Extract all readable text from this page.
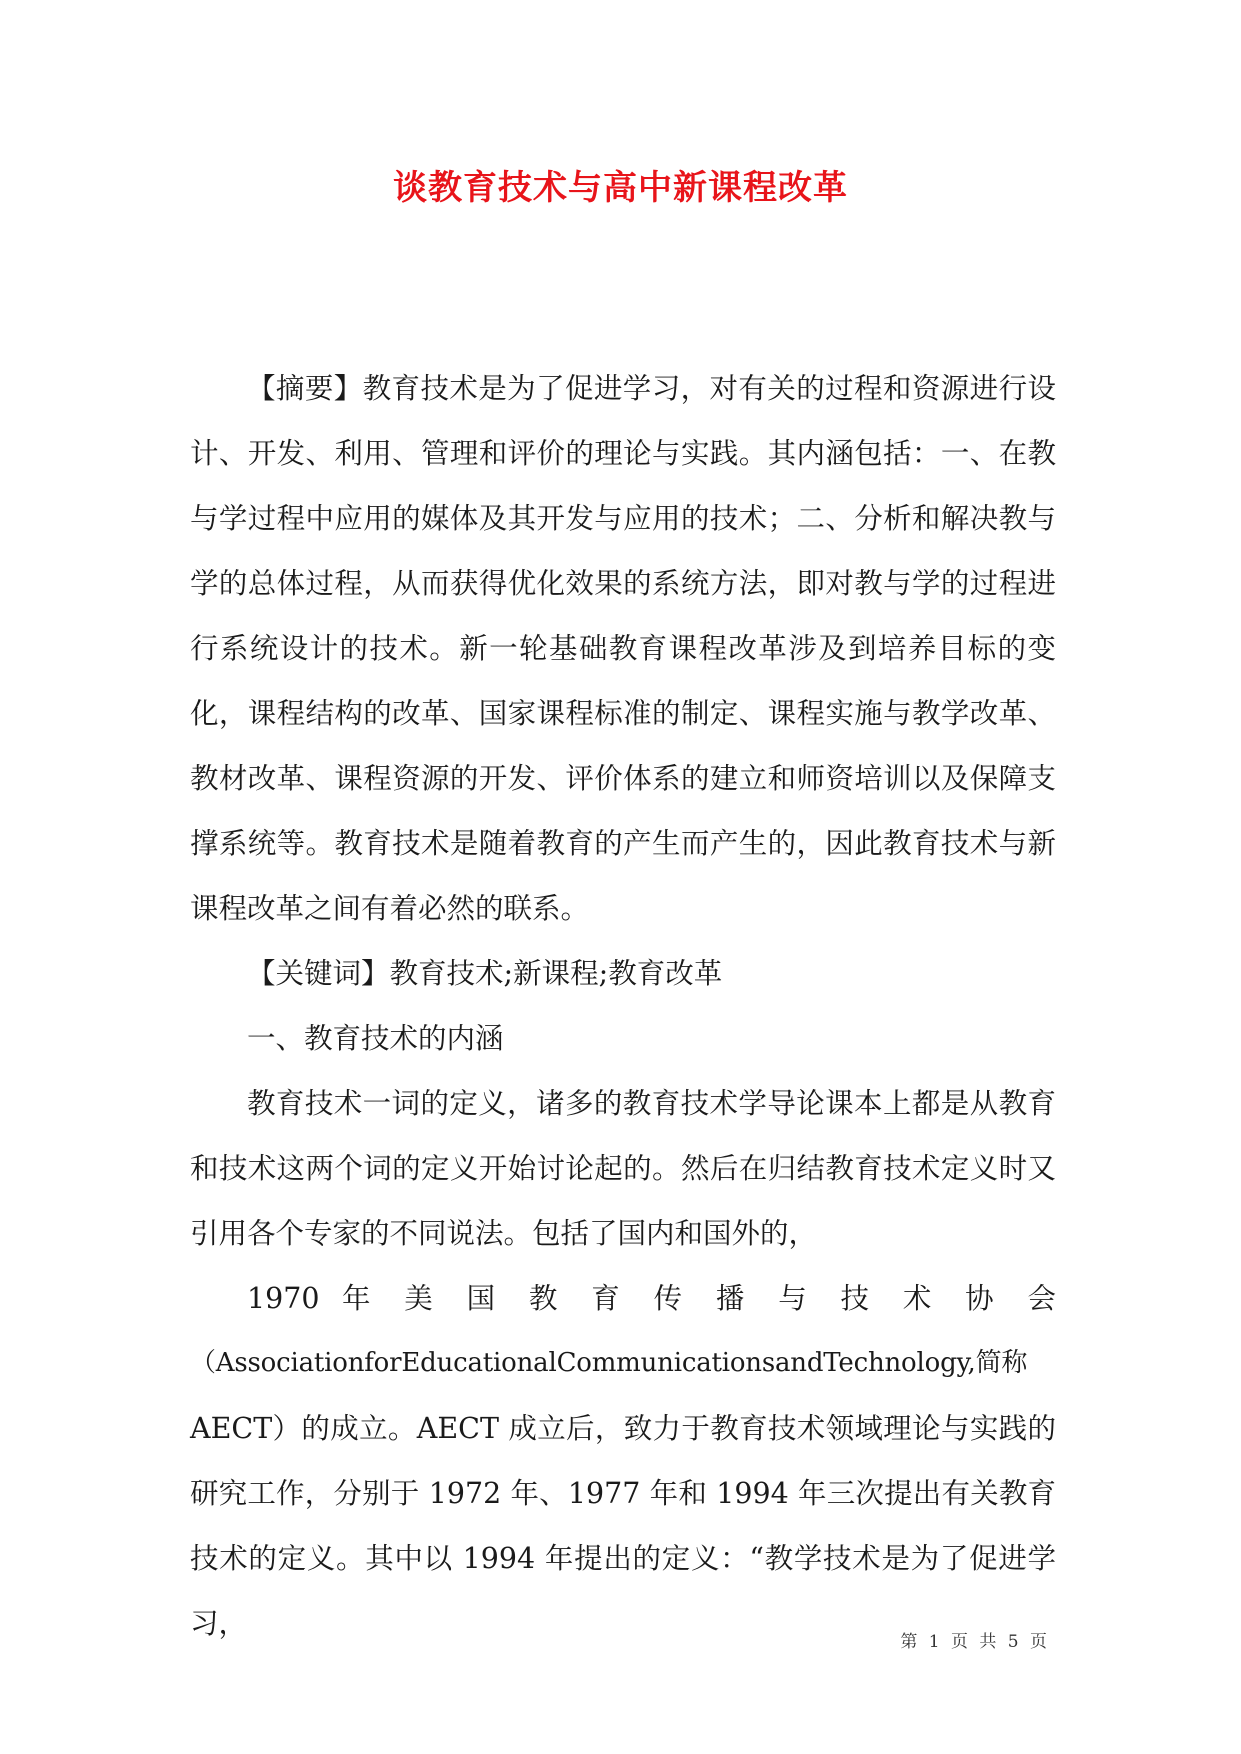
谈教育技术与高中新课程改革

【摘要】教育技术是为了促进学习，对有关的过程和资源进行设计、开发、利用、管理和评价的理论与实践。其内涵包括：一、在教与学过程中应用的媒体及其开发与应用的技术；二、分析和解决教与学的总体过程，从而获得优化效果的系统方法，即对教与学的过程进行系统设计的技术。新一轮基础教育课程改革涉及到培养目标的变化，课程结构的改革、国家课程标准的制定、课程实施与教学改革、教材改革、课程资源的开发、评价体系的建立和师资培训以及保障支撑系统等。教育技术是随着教育的产生而产生的，因此教育技术与新课程改革之间有着必然的联系。

【关键词】教育技术;新课程;教育改革

一、教育技术的内涵

教育技术一词的定义，诸多的教育技术学导论课本上都是从教育和技术这两个词的定义开始讨论起的。然后在归结教育技术定义时又引用各个专家的不同说法。包括了国内和国外的，

1970 年 美 国 教 育 传 播 与 技 术 协 会

（AssociationforEducationalCommunicationsandTechnology,简称

AECT）的成立。AECT 成立后，致力于教育技术领域理论与实践的研究工作，分别于 1972 年、1977 年和 1994 年三次提出有关教育技术的定义。其中以 1994 年提出的定义：“教学技术是为了促进学习，

第 1 页 共 5 页
